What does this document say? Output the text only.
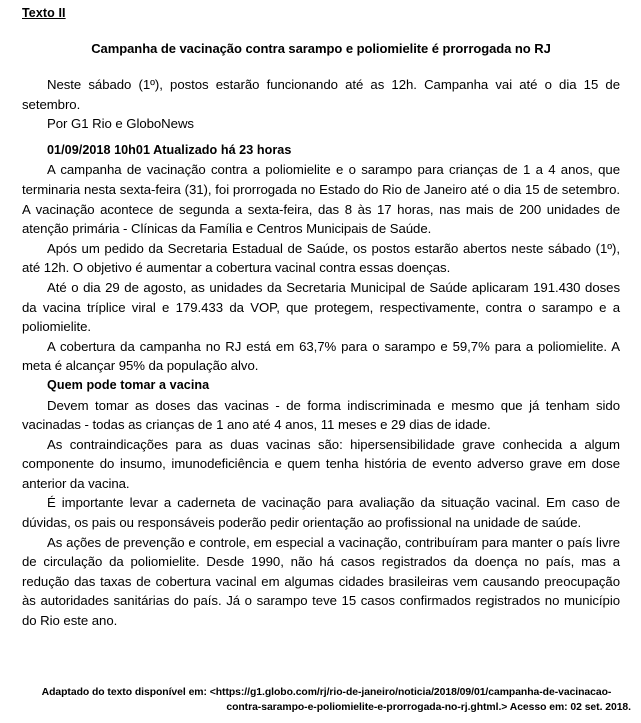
Texto II
Campanha de vacinação contra sarampo e poliomielite é prorrogada no RJ

Neste sábado (1º), postos estarão funcionando até as 12h. Campanha vai até o dia 15 de setembro.

Por G1 Rio e GloboNews

01/09/2018 10h01 Atualizado há 23 horas

A campanha de vacinação contra a poliomielite e o sarampo para crianças de 1 a 4 anos, que terminaria nesta sexta-feira (31), foi prorrogada no Estado do Rio de Janeiro até o dia 15 de setembro. A vacinação acontece de segunda a sexta-feira, das 8 às 17 horas, nas mais de 200 unidades de atenção primária - Clínicas da Família e Centros Municipais de Saúde.

Após um pedido da Secretaria Estadual de Saúde, os postos estarão abertos neste sábado (1º), até 12h. O objetivo é aumentar a cobertura vacinal contra essas doenças.

Até o dia 29 de agosto, as unidades da Secretaria Municipal de Saúde aplicaram 191.430 doses da vacina tríplice viral e 179.433 da VOP, que protegem, respectivamente, contra o sarampo e a poliomielite.

A cobertura da campanha no RJ está em 63,7% para o sarampo e 59,7% para a poliomielite. A meta é alcançar 95% da população alvo.

Quem pode tomar a vacina

Devem tomar as doses das vacinas - de forma indiscriminada e mesmo que já tenham sido vacinadas - todas as crianças de 1 ano até 4 anos, 11 meses e 29 dias de idade.

As contraindicações para as duas vacinas são: hipersensibilidade grave conhecida a algum componente do insumo, imunodeficiência e quem tenha história de evento adverso grave em dose anterior da vacina.

É importante levar a caderneta de vacinação para avaliação da situação vacinal. Em caso de dúvidas, os pais ou responsáveis poderão pedir orientação ao profissional na unidade de saúde.

As ações de prevenção e controle, em especial a vacinação, contribuíram para manter o país livre de circulação da poliomielite. Desde 1990, não há casos registrados da doença no país, mas a redução das taxas de cobertura vacinal em algumas cidades brasileiras vem causando preocupação às autoridades sanitárias do país. Já o sarampo teve 15 casos confirmados registrados no município do Rio este ano.

Adaptado do texto disponível em: <https://g1.globo.com/rj/rio-de-janeiro/noticia/2018/09/01/campanha-de-vacinacao-
contra-sarampo-e-poliomielite-e-prorrogada-no-rj.ghtml.> Acesso em: 02 set. 2018.
